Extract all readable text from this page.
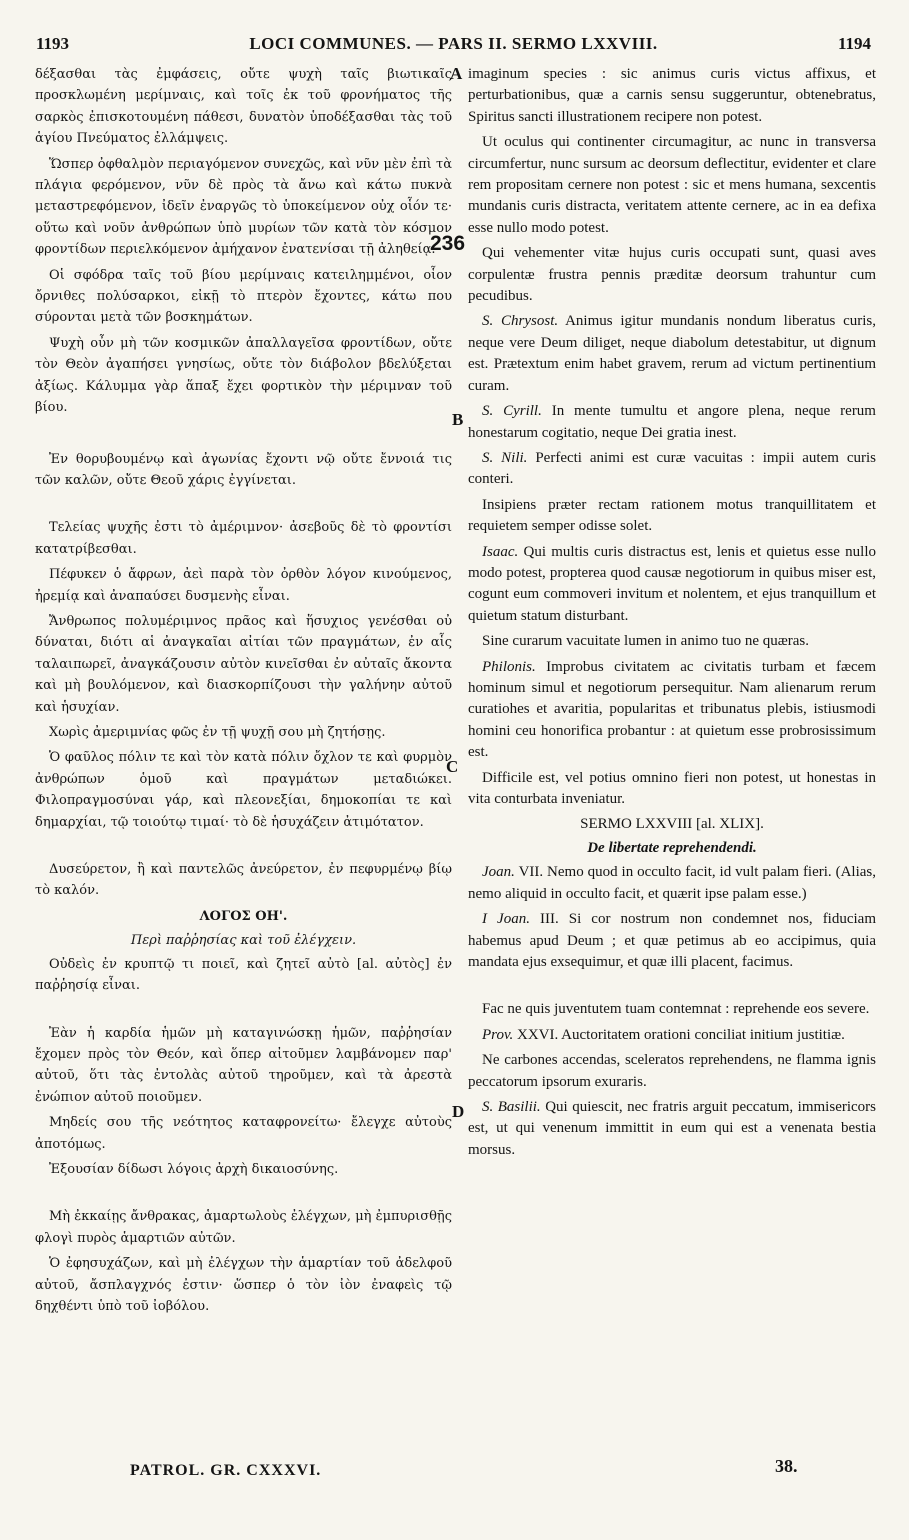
1193	LOCI COMMUNES. — PARS II. SERMO LXXVIII.	1194

δέξασθαι τὰς ἐμφάσεις, οὔτε ψυχὴ ταῖς βιωτικαῖς προσκλωμένη μερίμναις, καὶ τοῖς ἐκ τοῦ φρονήματος τῆς σαρκὸς ἐπισκοτουμένη πάθεσι, δυνατὸν ὑποδέξασθαι τὰς τοῦ ἁγίου Πνεύματος ἐλλάμψεις.

Ὥσπερ ὀφθαλμὸν περιαγόμενον συνεχῶς, καὶ νῦν μὲν ἐπὶ τὰ πλάγια φερόμενον, νῦν δὲ πρὸς τὰ ἄνω καὶ κάτω πυκνὰ μεταστρεφόμενον, ἰδεῖν ἐναργῶς τὸ ὑποκείμενον οὐχ οἷόν τε· οὕτω καὶ νοῦν ἀνθρώπων ὑπὸ μυρίων τῶν κατὰ τὸν κόσμον φροντίδων περιελκόμενον ἀμήχανον ἐνατενίσαι τῇ ἀληθείᾳ.

Οἱ σφόδρα ταῖς τοῦ βίου μερίμναις κατειλημμένοι, οἷον ὄρνιθες πολύσαρκοι, εἰκῇ τὸ πτερὸν ἔχοντες, κάτω που σύρονται μετὰ τῶν βοσκημάτων.

Ψυχὴ οὖν μὴ τῶν κοσμικῶν ἀπαλλαγεῖσα φροντίδων, οὔτε τὸν Θεὸν ἀγαπήσει γνησίως, οὔτε τὸν διάβολον βδελύξεται ἀξίως. Κάλυμμα γὰρ ἅπαξ ἔχει φορτικὸν τὴν μέριμναν τοῦ βίου.

Ἐν θορυβουμένῳ καὶ ἀγωνίας ἔχοντι νῷ οὔτε ἔννοιά τις τῶν καλῶν, οὔτε Θεοῦ χάρις ἐγγίνεται.

Τελείας ψυχῆς ἐστι τὸ ἀμέριμνον· ἀσεβοῦς δὲ τὸ φροντίσι κατατρίβεσθαι.

Πέφυκεν ὁ ἄφρων, ἀεὶ παρὰ τὸν ὀρθὸν λόγον κινούμενος, ἠρεμίᾳ καὶ ἀναπαύσει δυσμενὴς εἶναι.

Ἄνθρωπος πολυμέριμνος πρᾶος καὶ ἥσυχιος γενέσθαι οὐ δύναται, διότι αἱ ἀναγκαῖαι αἰτίαι τῶν πραγμάτων, ἐν αἷς ταλαιπωρεῖ, ἀναγκάζουσιν αὐτὸν κινεῖσθαι ἐν αὐταῖς ἄκοντα καὶ μὴ βουλόμενον, καὶ διασκορπίζουσι τὴν γαλήνην αὐτοῦ καὶ ἡσυχίαν.

Χωρὶς ἀμεριμνίας φῶς ἐν τῇ ψυχῇ σου μὴ ζητήσῃς.

Ὁ φαῦλος πόλιν τε καὶ τὸν κατὰ πόλιν ὄχλον τε καὶ φυρμὸν ἀνθρώπων ὁμοῦ καὶ πραγμάτων μεταδιώκει. Φιλοπραγμοσύναι γάρ, καὶ πλεονεξίαι, δημοκοπίαι τε καὶ δημαρχίαι, τῷ τοιούτῳ τιμαί· τὸ δὲ ἡσυχάζειν ἀτιμότατον.

Δυσεύρετον, ἢ καὶ παντελῶς ἀνεύρετον, ἐν πεφυρμένῳ βίῳ τὸ καλόν.

ΛΟΓΟΣ ΟΗ'.

Περὶ παῤῥησίας καὶ τοῦ ἐλέγχειν.

Οὐδεὶς ἐν κρυπτῷ τι ποιεῖ, καὶ ζητεῖ αὐτὸ [al. αὐτὸς] ἐν παῤῥησίᾳ εἶναι.

Ἐὰν ἡ καρδία ἡμῶν μὴ καταγινώσκῃ ἡμῶν, παῤῥησίαν ἔχομεν πρὸς τὸν Θεόν, καὶ ὅπερ αἰτοῦμεν λαμβάνομεν παρ' αὐτοῦ, ὅτι τὰς ἐντολὰς αὐτοῦ τηροῦμεν, καὶ τὰ ἀρεστὰ ἐνώπιον αὐτοῦ ποιοῦμεν.

Μηδείς σου τῆς νεότητος καταφρονείτω· ἔλεγχε αὐτοὺς ἀποτόμως.

Ἐξουσίαν δίδωσι λόγοις ἀρχὴ δικαιοσύνης.

Μὴ ἐκκαίῃς ἄνθρακας, ἁμαρτωλοὺς ἐλέγχων, μὴ ἐμπυρισθῇς φλογὶ πυρὸς ἁμαρτιῶν αὐτῶν.

Ὁ ἐφησυχάζων, καὶ μὴ ἐλέγχων τὴν ἁμαρτίαν τοῦ ἀδελφοῦ αὐτοῦ, ἄσπλαγχνός ἐστιν· ὥσπερ ὁ τὸν ἰὸν ἐναφεὶς τῷ δηχθέντι ὑπὸ τοῦ ἰοβόλου.

imaginum species : sic animus curis victus affixus, et perturbationibus, quæ a carnis sensu suggeruntur, obtenebratus, Spiritus sancti illustrationem recipere non potest.

Ut oculus qui continenter circumagitur, ac nunc in transversa circumfertur, nunc sursum ac deorsum deflectitur, evidenter et clare rem propositam cernere non potest : sic et mens humana, sexcentis mundanis curis distracta, veritatem attente cernere, ac in ea defixa esse nullo modo potest.

Qui vehementer vitæ hujus curis occupati sunt, quasi aves corpulentæ frustra pennis præditæ deorsum trahuntur cum pecudibus.

S. Chrysost. Animus igitur mundanis nondum liberatus curis, neque vere Deum diliget, neque diabolum detestabitur, ut dignum est. Prætextum enim habet gravem, rerum ad victum pertinentium curam.

S. Cyrill. In mente tumultu et angore plena, neque rerum honestarum cogitatio, neque Dei gratia inest.

S. Nili. Perfecti animi est curæ vacuitas : impii autem curis conteri.

Insipiens præter rectam rationem motus tranquillitatem et requietem semper odisse solet.

Isaac. Qui multis curis distractus est, lenis et quietus esse nullo modo potest, propterea quod causæ negotiorum in quibus miser est, cogunt eum commoveri invitum et nolentem, et ejus tranquillum et quietum statum disturbant.

Sine curarum vacuitate lumen in animo tuo ne quæras.

Philonis. Improbus civitatem ac civitatis turbam et fæcem hominum simul et negotiorum persequitur. Nam alienarum rerum curatiohes et avaritia, popularitas et tribunatus plebis, istiusmodi homini ceu honorifica probantur : at quietum esse probrosissimum est.

Difficile est, vel potius omnino fieri non potest, ut honestas in vita conturbata inveniatur.

SERMO LXXVIII [al. XLIX].

De libertate reprehendendi.

Joan. VII. Nemo quod in occulto facit, id vult palam fieri. (Alias, nemo aliquid in occulto facit, et quærit ipse palam esse.)

I Joan. III. Si cor nostrum non condemnet nos, fiduciam habemus apud Deum ; et quæ petimus ab eo accipimus, quia mandata ejus exsequimur, et quæ illi placent, facimus.

Fac ne quis juventutem tuam contemnat : reprehende eos severe.

Prov. XXVI. Auctoritatem orationi conciliat initium justitiæ.

Ne carbones accendas, sceleratos reprehendens, ne flamma ignis peccatorum ipsorum exuraris.

S. Basilii. Qui quiescit, nec fratris arguit peccatum, immisericors est, ut qui venenum immittit in eum qui est a venenata bestia morsus.

A
B
C
D
236
PATROL. GR. CXXXVI.	38.
